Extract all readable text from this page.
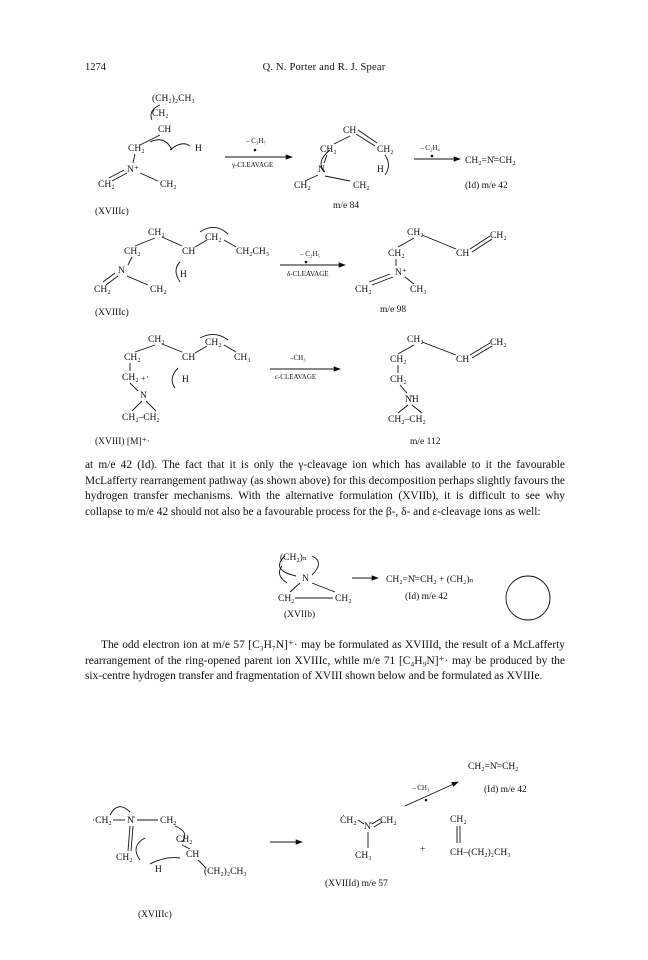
1274	Q. N. Porter and R. J. Spear
(CH₂)₂CH₃
CH₂
CH
H
CH₂
N⁺
CH₂	CH₂
(XVIIIc)
– Ċ₃H₇
γ-CLEAVAGE
CH
CH₂	CH₂
N	H
CH₂	CH₂
m/e 84
– C₂H₄
CH₂=N̊=CH₂
(Id) m/e 42
CH₂	CH₂
CH₂	CH	CH₂CH₃
H
N
CH₂	CH₂
(XVIIIc)
– Ċ₂H₅
δ-CLEAVAGE
CH₂	CH₂
CH₂	CH
N⁺
CH₂	CH₃
m/e 98
CH₂	CH₂
CH₂	CH	CH₃
CH₂ ₊·	H
N
CH₂–CH₂
(XVIII) [M]⁺·
–ĊH₃
ε-CLEAVAGE
CH₂	CH₂
CH₂	CH
CH₂
N̊H
CH₂–CH₂
m/e 112
(CH₂)ₙ
N
CH₂	CH₂
(XVIIb)
CH₂=N̊=CH₂ + (CH₂)ₙ
(Id) m/e 42
CH₂=N̊=CH₂
(Id) m/e 42
– ĊH₃
·CH₂ N̊	CH₂
CH₂
CH₂	CH
H	(CH₂)₂CH₃
(XVIIIc)
ĊH₂
N̊
CH₂
CH₃
(XVIIId) m/e 57
+
CH₂
CH–(CH₂)₂CH₃
at m/e 42 (Id). The fact that it is only the γ-cleavage ion which has available to it the favourable McLafferty rearrangement pathway (as shown above) for this decomposition perhaps slightly favours the hydrogen transfer mechanisms. With the alternative formulation (XVIIb), it is difficult to see why collapse to m/e 42 should not also be a favourable process for the β-, δ- and ε-cleavage ions as well:
The odd electron ion at m/e 57 [C₃H₇N]⁺· may be formulated as XVIIId, the result of a McLafferty rearrangement of the ring-opened parent ion XVIIIc, while m/e 71 [C₄H₉N]⁺· may be produced by the six-centre hydrogen transfer and fragmentation of XVIII shown below and be formulated as XVIIIe.
